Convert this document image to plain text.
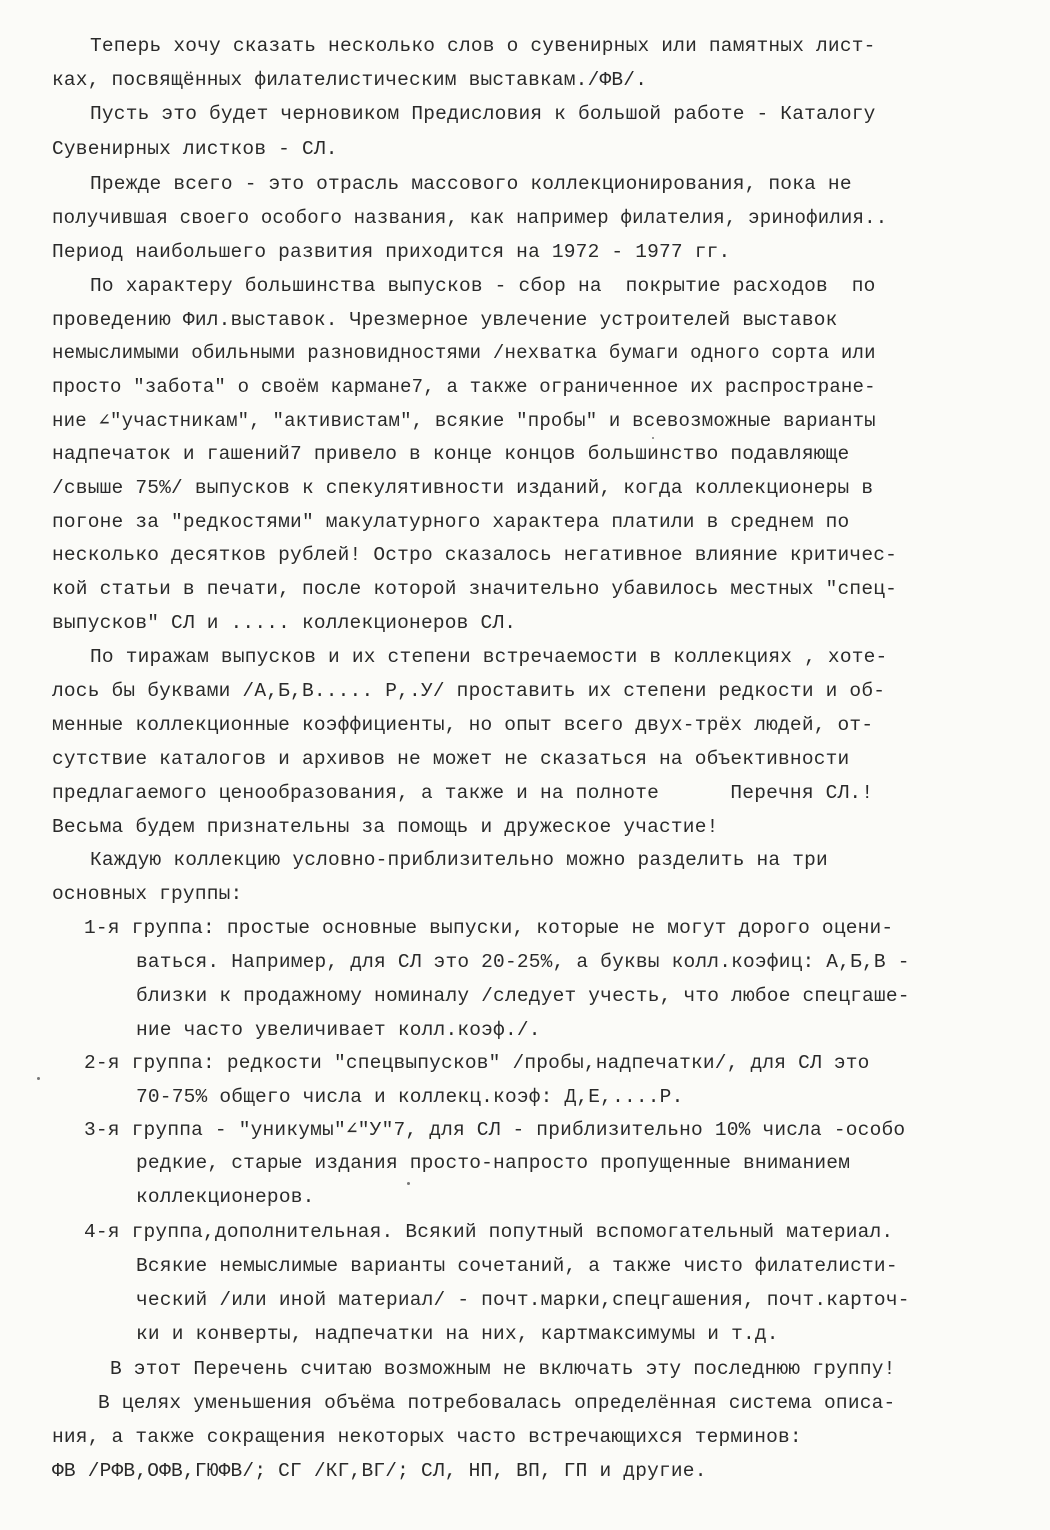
Теперь хочу сказать несколько слов о сувенирных или памятных лист-
ках, посвящённых филателистическим выставкам./ФВ/.
Пусть это будет черновиком Предисловия к большой работе - Каталогу
Сувенирных листков - СЛ.
Прежде всего - это отрасль массового коллекционирования, пока не
получившая своего особого названия, как например филателия, эринофилия..
Период наибольшего развития приходится на 1972 - 1977 гг.
По характеру большинства выпусков - сбор на  покрытие расходов  по
проведению Фил.выставок. Чрезмерное увлечение устроителей выставок
немыслимыми обильными разновидностями /нехватка бумаги одного сорта или
просто "забота" о своём кармане7, а также ограниченное их распростране-
ние ∠"участникам", "активистам", всякие "пробы" и всевозможные варианты
надпечаток и гашений7 привело в конце концов большинство подавляюще
/свыше 75%/ выпусков к спекулятивности изданий, когда коллекционеры в
погоне за "редкостями" макулатурного характера платили в среднем по
несколько десятков рублей! Остро сказалось негативное влияние критичес-
кой статьи в печати, после которой значительно убавилось местных "спец-
выпусков" СЛ и ..... коллекционеров СЛ.
По тиражам выпусков и их степени встречаемости в коллекциях , хоте-
лось бы буквами /А,Б,В..... Р,.У/ проставить их степени редкости и об-
менные коллекционные коэффициенты, но опыт всего двух-трёх людей, от-
сутствие каталогов и архивов не может не сказаться на объективности
предлагаемого ценообразования, а также и на полноте      Перечня СЛ.!
Весьма будем признательны за помощь и дружеское участие!
Каждую коллекцию условно-приблизительно можно разделить на три
основных группы:
1-я группа: простые основные выпуски, которые не могут дорого оцени-
ваться. Например, для СЛ это 20-25%, а буквы колл.коэфиц: А,Б,В -
близки к продажному номиналу /следует учесть, что любое спецгаше-
ние часто увеличивает колл.коэф./.
2-я группа: редкости "спецвыпусков" /пробы,надпечатки/, для СЛ это
70-75% общего числа и коллекц.коэф: Д,Е,....Р.
3-я группа - "уникумы"∠"У"7, для СЛ - приблизительно 10% числа -особо
редкие, старые издания просто-напросто пропущенные вниманием
коллекционеров.
4-я группа,дополнительная. Всякий попутный вспомогательный материал.
Всякие немыслимые варианты сочетаний, а также чисто филателисти-
ческий /или иной материал/ - почт.марки,спецгашения, почт.карточ-
ки и конверты, надпечатки на них, картмаксимумы и т.д.
В этот Перечень считаю возможным не включать эту последнюю группу!
В целях уменьшения объёма потребовалась определённая система описа-
ния, а также сокращения некоторых часто встречающихся терминов:
ФВ /РФВ,ОФВ,ГЮФВ/; СГ /КГ,ВГ/; СЛ, НП, ВП, ГП и другие.
